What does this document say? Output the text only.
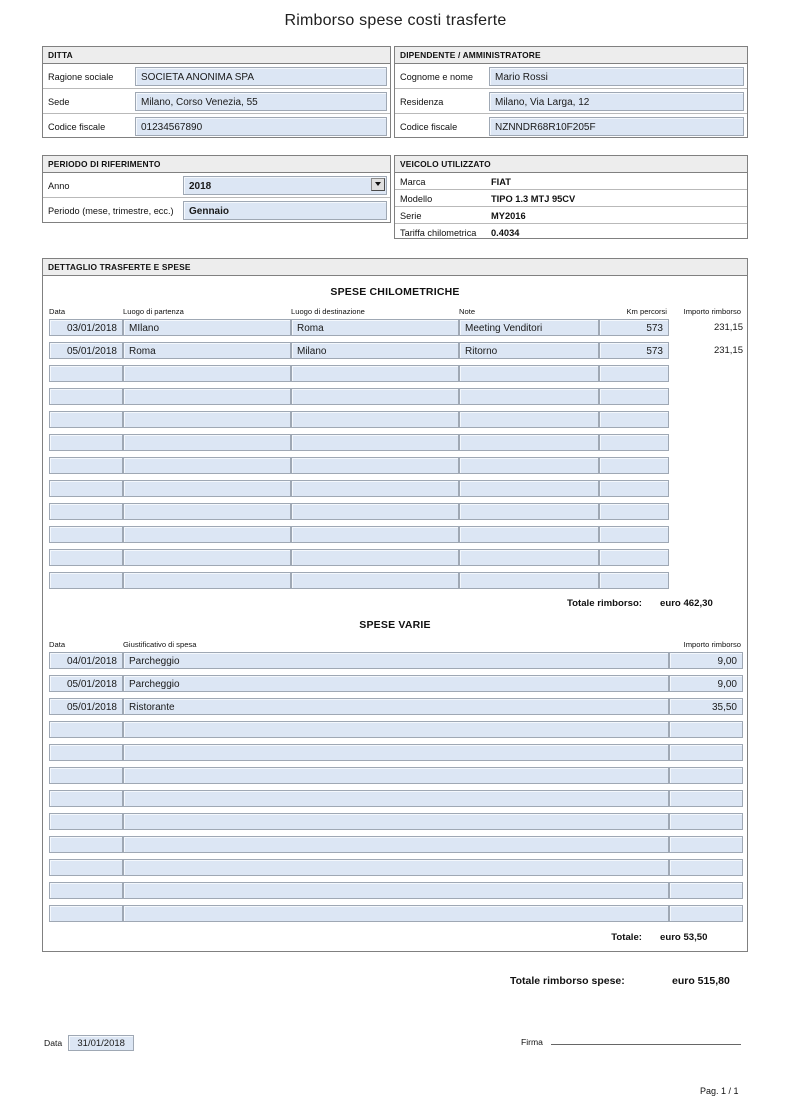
Rimborso spese costi trasferte
DITTA
Ragione sociale	SOCIETA ANONIMA SPA
Sede	Milano, Corso Venezia, 55
Codice fiscale	01234567890
DIPENDENTE / AMMINISTRATORE
Cognome e nome	Mario Rossi
Residenza	Milano, Via Larga, 12
Codice fiscale	NZNNDR68R10F205F
PERIODO DI RIFERIMENTO
Anno	2018
Periodo (mese, trimestre, ecc.)	Gennaio
VEICOLO UTILIZZATO
Marca	FIAT
Modello	TIPO 1.3 MTJ 95CV
Serie	MY2016
Tariffa chilometrica	0.4034
DETTAGLIO TRASFERTE E SPESE
SPESE CHILOMETRICHE
Data	Luogo di partenza	Luogo di destinazione	Note	Km percorsi	Importo rimborso

03/01/2018	MIlano	Roma	Meeting Venditori	573	231,15

05/01/2018	Roma	Milano	Ritorno	573	231,15

Totale rimborso: euro 462,30
SPESE VARIE
Data	Giustificativo di spesa	Importo rimborso

04/01/2018	Parcheggio	9,00

05/01/2018	Parcheggio	9,00

05/01/2018	Ristorante	35,50

Totale: euro 53,50
Totale rimborso spese:	euro 515,80
Data	31/01/2018	Firma
Pag. 1 / 1
